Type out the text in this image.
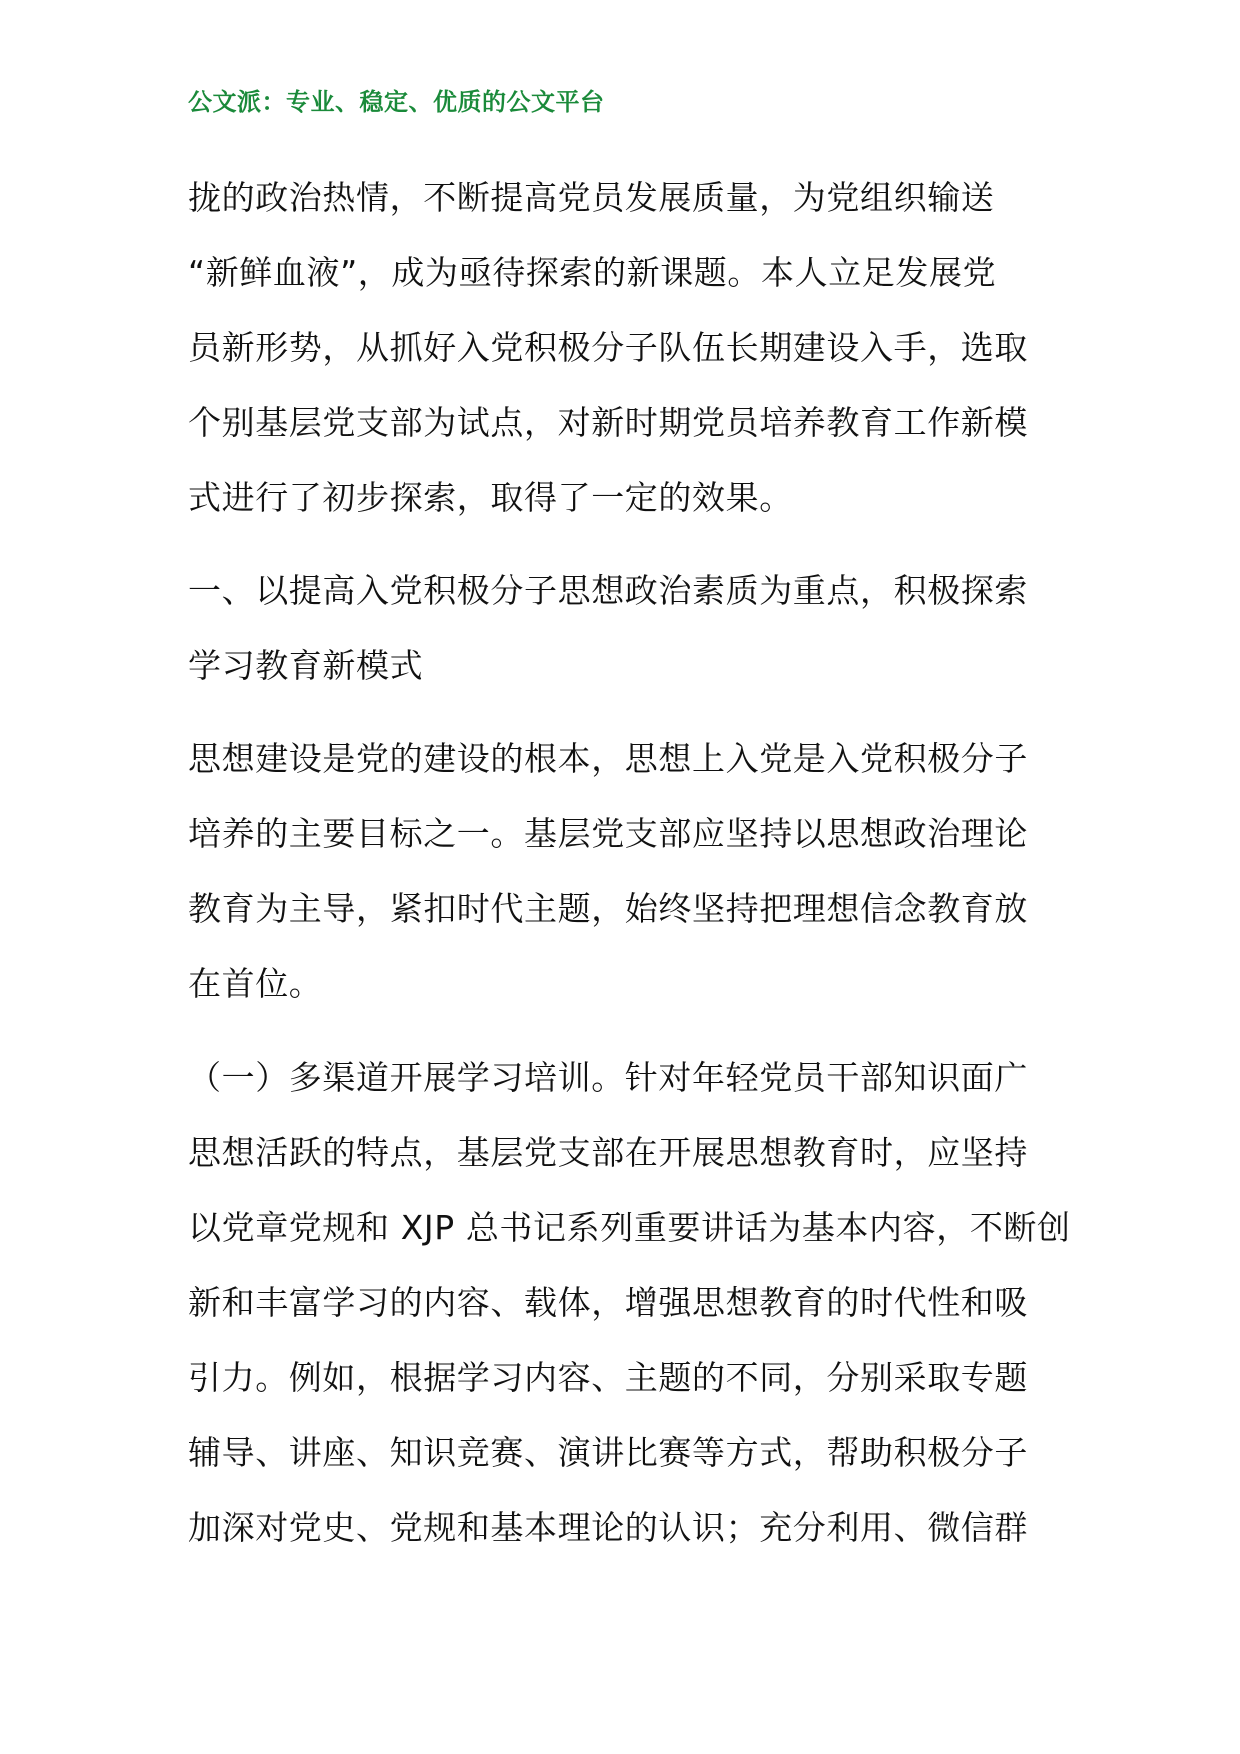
公文派：专业、稳定、优质的公文平台
拢的政治热情，不断提高党员发展质量，为党组织输送
“新鲜血液”，成为亟待探索的新课题。本人立足发展党
员新形势，从抓好入党积极分子队伍长期建设入手，选取
个别基层党支部为试点，对新时期党员培养教育工作新模
式进行了初步探索，取得了一定的效果。
一、以提高入党积极分子思想政治素质为重点，积极探索
学习教育新模式
思想建设是党的建设的根本，思想上入党是入党积极分子
培养的主要目标之一。基层党支部应坚持以思想政治理论
教育为主导，紧扣时代主题，始终坚持把理想信念教育放
在首位。
（一）多渠道开展学习培训。针对年轻党员干部知识面广
思想活跃的特点，基层党支部在开展思想教育时，应坚持
以党章党规和 XJP 总书记系列重要讲话为基本内容，不断创
新和丰富学习的内容、载体，增强思想教育的时代性和吸
引力。例如，根据学习内容、主题的不同，分别采取专题
辅导、讲座、知识竞赛、演讲比赛等方式，帮助积极分子
加深对党史、党规和基本理论的认识；充分利用、微信群
